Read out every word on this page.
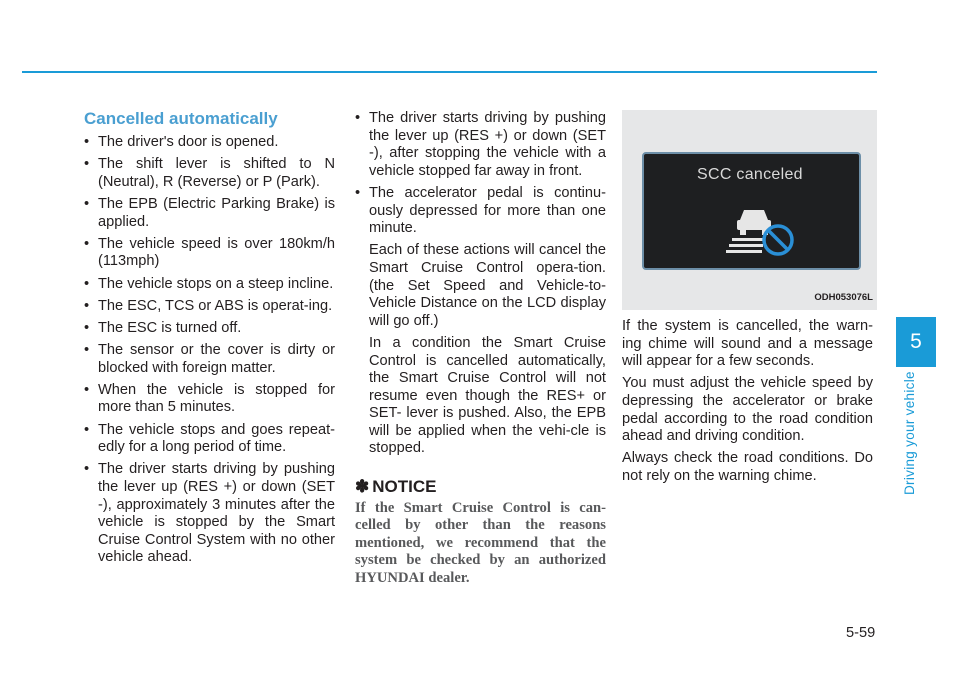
Cancelled automatically
• The driver's door is opened.
• The shift lever is shifted to N (Neutral), R (Reverse) or P (Park).
• The EPB (Electric Parking Brake) is applied.
• The vehicle speed is over 180km/h (113mph)
• The vehicle stops on a steep incline.
• The ESC, TCS or ABS is operat-ing.
• The ESC is turned off.
• The sensor or the cover is dirty or blocked with foreign matter.
• When the vehicle is stopped for more than 5 minutes.
• The vehicle stops and goes repeat-edly for a long period of time.
• The driver starts driving by pushing the lever up (RES +) or down (SET -), approximately 3 minutes after the vehicle is stopped by the Smart Cruise Control System with no other vehicle ahead.
• The driver starts driving by pushing the lever up (RES +) or down (SET -), after stopping the vehicle with a vehicle stopped far away in front.
• The accelerator pedal is continu-ously depressed for more than one minute.

Each of these actions will cancel the Smart Cruise Control opera-tion. (the Set Speed and Vehicle-to-Vehicle Distance on the LCD display will go off.)

In a condition the Smart Cruise Control is cancelled automatically, the Smart Cruise Control will not resume even though the RES+ or SET- lever is pushed. Also, the EPB will be applied when the vehi-cle is stopped.

✽ NOTICE

If the Smart Cruise Control is can-celled by other than the reasons mentioned, we recommend that the system be checked by an authorized HYUNDAI dealer.

SCC canceled
ODH053076L

If the system is cancelled, the warn-ing chime will sound and a message will appear for a few seconds.

You must adjust the vehicle speed by depressing the accelerator or brake pedal according to the road condition ahead and driving condition.

Always check the road conditions. Do not rely on the warning chime.

5
Driving your vehicle
5-59
